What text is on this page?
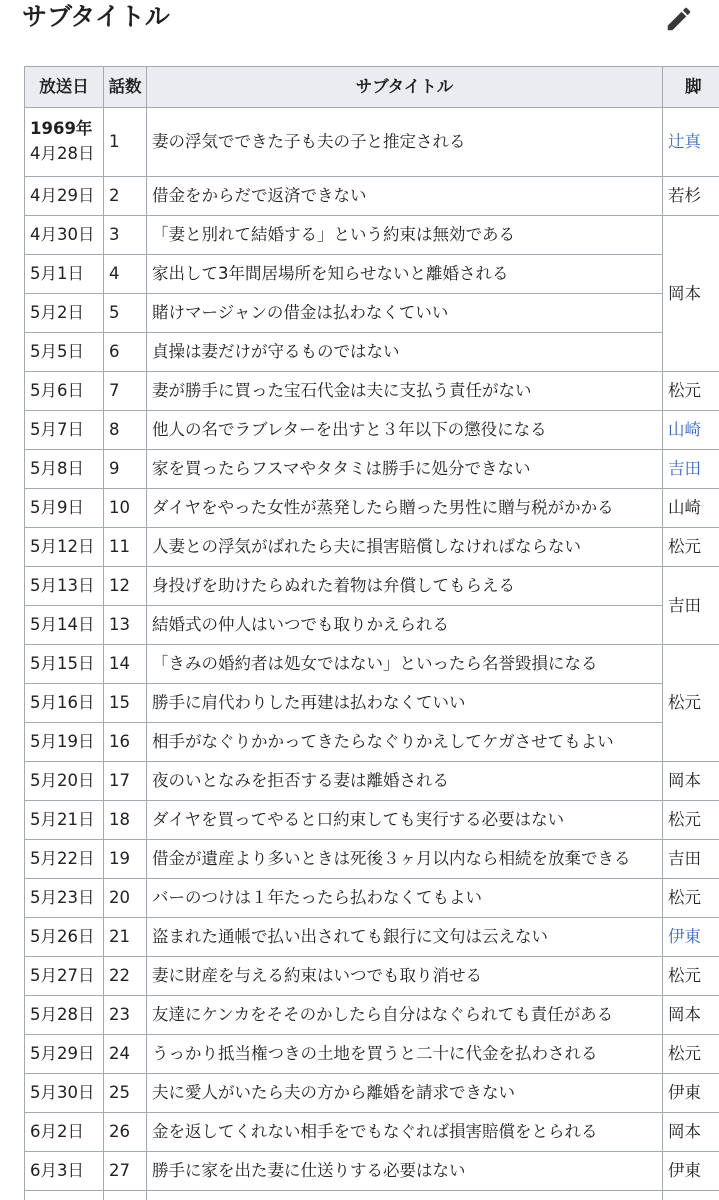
サブタイトル
放送日	話数	サブタイトル	脚

1969年
4月28日	1	妻の浮気でできた子も夫の子と推定される	辻真
4月29日	2	借金をからだで返済できない	若杉
4月30日	3	「妻と別れて結婚する」という約束は無効である	岡本
5月1日	4	家出して3年間居場所を知らせないと離婚される	
5月2日	5	賭けマージャンの借金は払わなくていい	
5月5日	6	貞操は妻だけが守るものではない	
5月6日	7	妻が勝手に買った宝石代金は夫に支払う責任がない	松元
5月7日	8	他人の名でラブレターを出すと３年以下の懲役になる	山崎
5月8日	9	家を買ったらフスマやタタミは勝手に処分できない	吉田
5月9日	10	ダイヤをやった女性が蒸発したら贈った男性に贈与税がかかる	山崎
5月12日	11	人妻との浮気がばれたら夫に損害賠償しなければならない	松元
5月13日	12	身投げを助けたらぬれた着物は弁償してもらえる	吉田
5月14日	13	結婚式の仲人はいつでも取りかえられる	
5月15日	14	「きみの婚約者は処女ではない」といったら名誉毀損になる	松元
5月16日	15	勝手に肩代わりした再建は払わなくていい	
5月19日	16	相手がなぐりかかってきたらなぐりかえしてケガさせてもよい	
5月20日	17	夜のいとなみを拒否する妻は離婚される	岡本
5月21日	18	ダイヤを買ってやると口約束しても実行する必要はない	松元
5月22日	19	借金が遺産より多いときは死後３ヶ月以内なら相続を放棄できる	吉田
5月23日	20	バーのつけは１年たったら払わなくてもよい	松元
5月26日	21	盗まれた通帳で払い出されても銀行に文句は云えない	伊東
5月27日	22	妻に財産を与える約束はいつでも取り消せる	松元
5月28日	23	友達にケンカをそそのかしたら自分はなぐられても責任がある	岡本
5月29日	24	うっかり抵当権つきの土地を買うと二十に代金を払わされる	松元
5月30日	25	夫に愛人がいたら夫の方から離婚を請求できない	伊東
6月2日	26	金を返してくれない相手をでもなぐれば損害賠償をとられる	岡本
6月3日	27	勝手に家を出た妻に仕送りする必要はない	伊東
